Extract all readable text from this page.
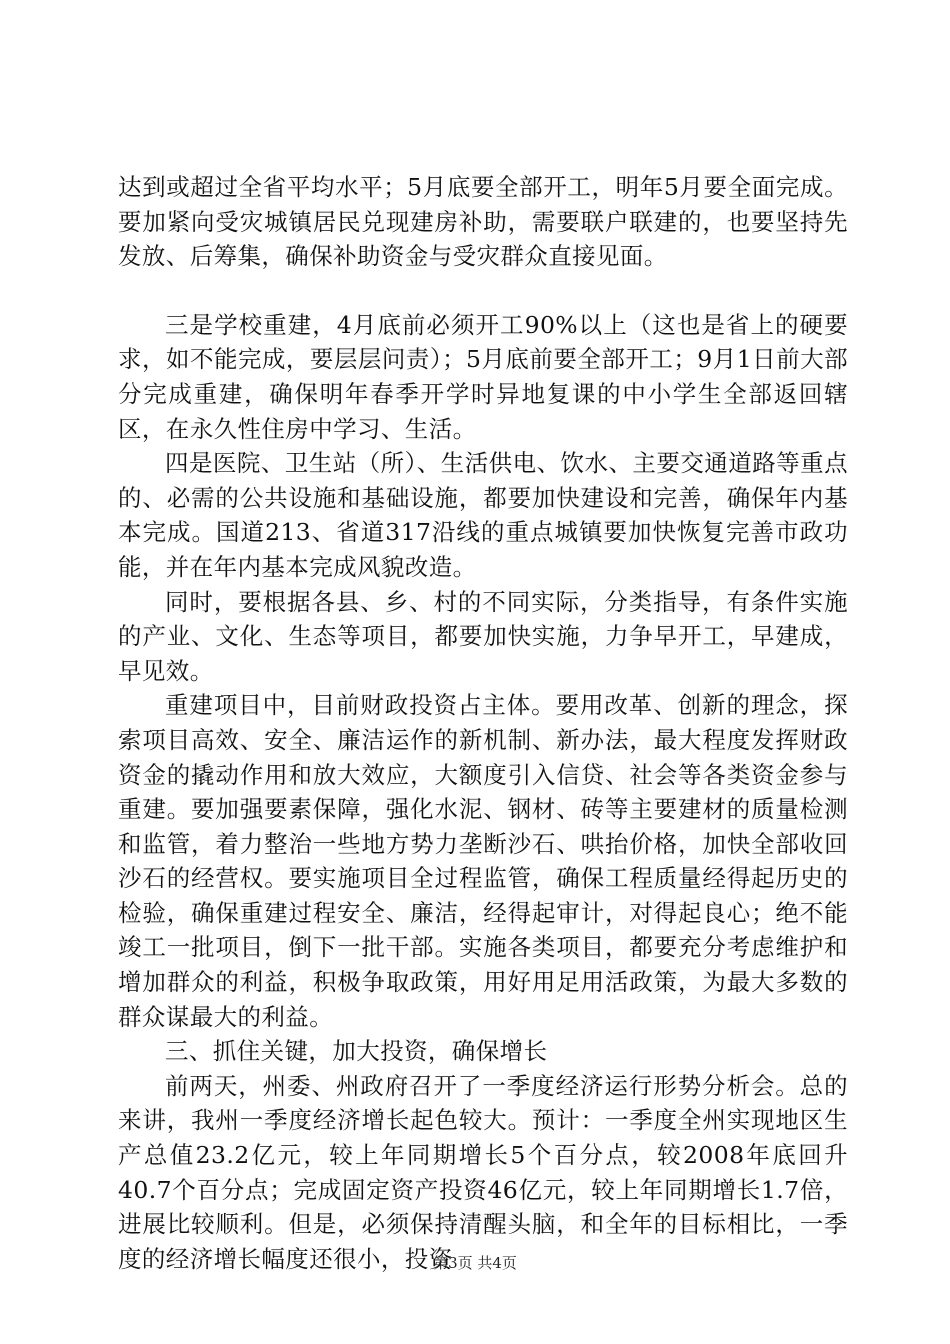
达到或超过全省平均水平；5月底要全部开工，明年5月要全面完成。要加紧向受灾城镇居民兑现建房补助，需要联户联建的，也要坚持先发放、后筹集，确保补助资金与受灾群众直接见面。

三是学校重建，4月底前必须开工90%以上（这也是省上的硬要求，如不能完成，要层层问责）；5月底前要全部开工；9月1日前大部分完成重建，确保明年春季开学时异地复课的中小学生全部返回辖区，在永久性住房中学习、生活。

四是医院、卫生站（所）、生活供电、饮水、主要交通道路等重点的、必需的公共设施和基础设施，都要加快建设和完善，确保年内基本完成。国道213、省道317沿线的重点城镇要加快恢复完善市政功能，并在年内基本完成风貌改造。

同时，要根据各县、乡、村的不同实际，分类指导，有条件实施的产业、文化、生态等项目，都要加快实施，力争早开工，早建成，早见效。

重建项目中，目前财政投资占主体。要用改革、创新的理念，探索项目高效、安全、廉洁运作的新机制、新办法，最大程度发挥财政资金的撬动作用和放大效应，大额度引入信贷、社会等各类资金参与重建。要加强要素保障，强化水泥、钢材、砖等主要建材的质量检测和监管，着力整治一些地方势力垄断沙石、哄抬价格，加快全部收回沙石的经营权。要实施项目全过程监管，确保工程质量经得起历史的检验，确保重建过程安全、廉洁，经得起审计，对得起良心；绝不能竣工一批项目，倒下一批干部。实施各类项目，都要充分考虑维护和增加群众的利益，积极争取政策，用好用足用活政策，为最大多数的群众谋最大的利益。

三、抓住关键，加大投资，确保增长

前两天，州委、州政府召开了一季度经济运行形势分析会。总的来讲，我州一季度经济增长起色较大。预计：一季度全州实现地区生产总值23.2亿元，较上年同期增长5个百分点，较2008年底回升40.7个百分点；完成固定资产投资46亿元，较上年同期增长1.7倍，进展比较顺利。但是，必须保持清醒头脑，和全年的目标相比，一季度的经济增长幅度还很小，投资

第3页 共4页
